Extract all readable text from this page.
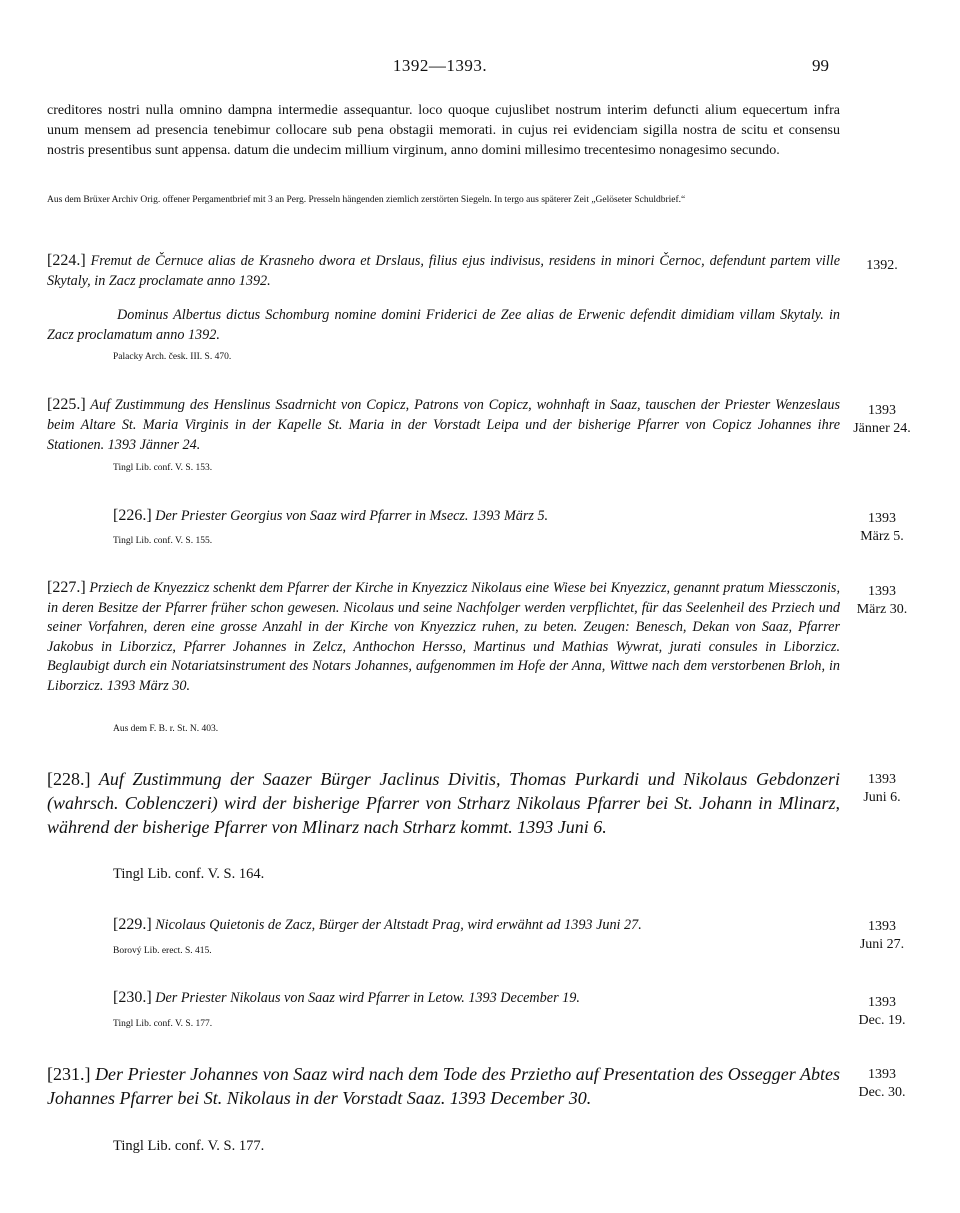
1392—1393.	99
creditores nostri nulla omnino dampna intermedie assequantur. loco quoque cujuslibet nostrum interim defuncti alium equecertum infra unum mensem ad presencia tenebimur collocare sub pena obstagii memorati. in cujus rei evidenciam sigilla nostra de scitu et consensu nostris presentibus sunt appensa. datum die undecim millium virginum, anno domini millesimo trecentesimo nonagesimo secundo.
Aus dem Brüxer Archiv Orig. offener Pergamentbrief mit 3 an Perg. Presseln hängenden ziemlich zerstörten Siegeln. In tergo aus späterer Zeit „Gelöseter Schuldbrief.“
[224.] Fremut de Černuce alias de Krasneho dwora et Drslaus, filius ejus indivisus, residens in minori Černoc, defendunt partem ville Skytaly, in Zacz proclamate anno 1392.
Dominus Albertus dictus Schomburg nomine domini Friderici de Zee alias de Erwenic defendit dimidiam villam Skytaly. in Zacz proclamatum anno 1392.
Palacky Arch. česk. III. S. 470.
1392.
[225.] Auf Zustimmung des Henslinus Ssadrnicht von Copicz, Patrons von Copicz, wohnhaft in Saaz, tauschen der Priester Wenzeslaus beim Altare St. Maria Virginis in der Kapelle St. Maria in der Vorstadt Leipa und der bisherige Pfarrer von Copicz Johannes ihre Stationen. 1393 Jänner 24.
Tingl Lib. conf. V. S. 153.
1393
Jänner 24.
[226.] Der Priester Georgius von Saaz wird Pfarrer in Msecz. 1393 März 5.
Tingl Lib. conf. V. S. 155.
1393
März 5.
[227.] Prziech de Knyezzicz schenkt dem Pfarrer der Kirche in Knyezzicz Nikolaus eine Wiese bei Knyezzicz, genannt pratum Miessczonis, in deren Besitze der Pfarrer früher schon gewesen. Nicolaus und seine Nachfolger werden verpflichtet, für das Seelenheil des Prziech und seiner Vorfahren, deren eine grosse Anzahl in der Kirche von Knyezzicz ruhen, zu beten. Zeugen: Benesch, Dekan von Saaz, Pfarrer Jakobus in Liborzicz, Pfarrer Johannes in Zelcz, Anthochon Hersso, Martinus und Mathias Wywrat, jurati consules in Liborzicz. Beglaubigt durch ein Notariatsinstrument des Notars Johannes, aufgenommen im Hofe der Anna, Wittwe nach dem verstorbenen Brloh, in Liborzicz. 1393 März 30.
Aus dem F. B. r. St. N. 403.
1393
März 30.
[228.] Auf Zustimmung der Saazer Bürger Jaclinus Divitis, Thomas Purkardi und Nikolaus Gebdonzeri (wahrsch. Coblenczeri) wird der bisherige Pfarrer von Strharz Nikolaus Pfarrer bei St. Johann in Mlinarz, während der bisherige Pfarrer von Mlinarz nach Strharz kommt. 1393 Juni 6.
Tingl Lib. conf. V. S. 164.
1393
Juni 6.
[229.] Nicolaus Quietonis de Zacz, Bürger der Altstadt Prag, wird erwähnt ad 1393 Juni 27.
Borový Lib. erect. S. 415.
1393
Juni 27.
[230.] Der Priester Nikolaus von Saaz wird Pfarrer in Letow. 1393 December 19.
Tingl Lib. conf. V. S. 177.
1393
Dec. 19.
[231.] Der Priester Johannes von Saaz wird nach dem Tode des Przietho auf Presentation des Ossegger Abtes Johannes Pfarrer bei St. Nikolaus in der Vorstadt Saaz. 1393 December 30.
Tingl Lib. conf. V. S. 177.
1393
Dec. 30.
